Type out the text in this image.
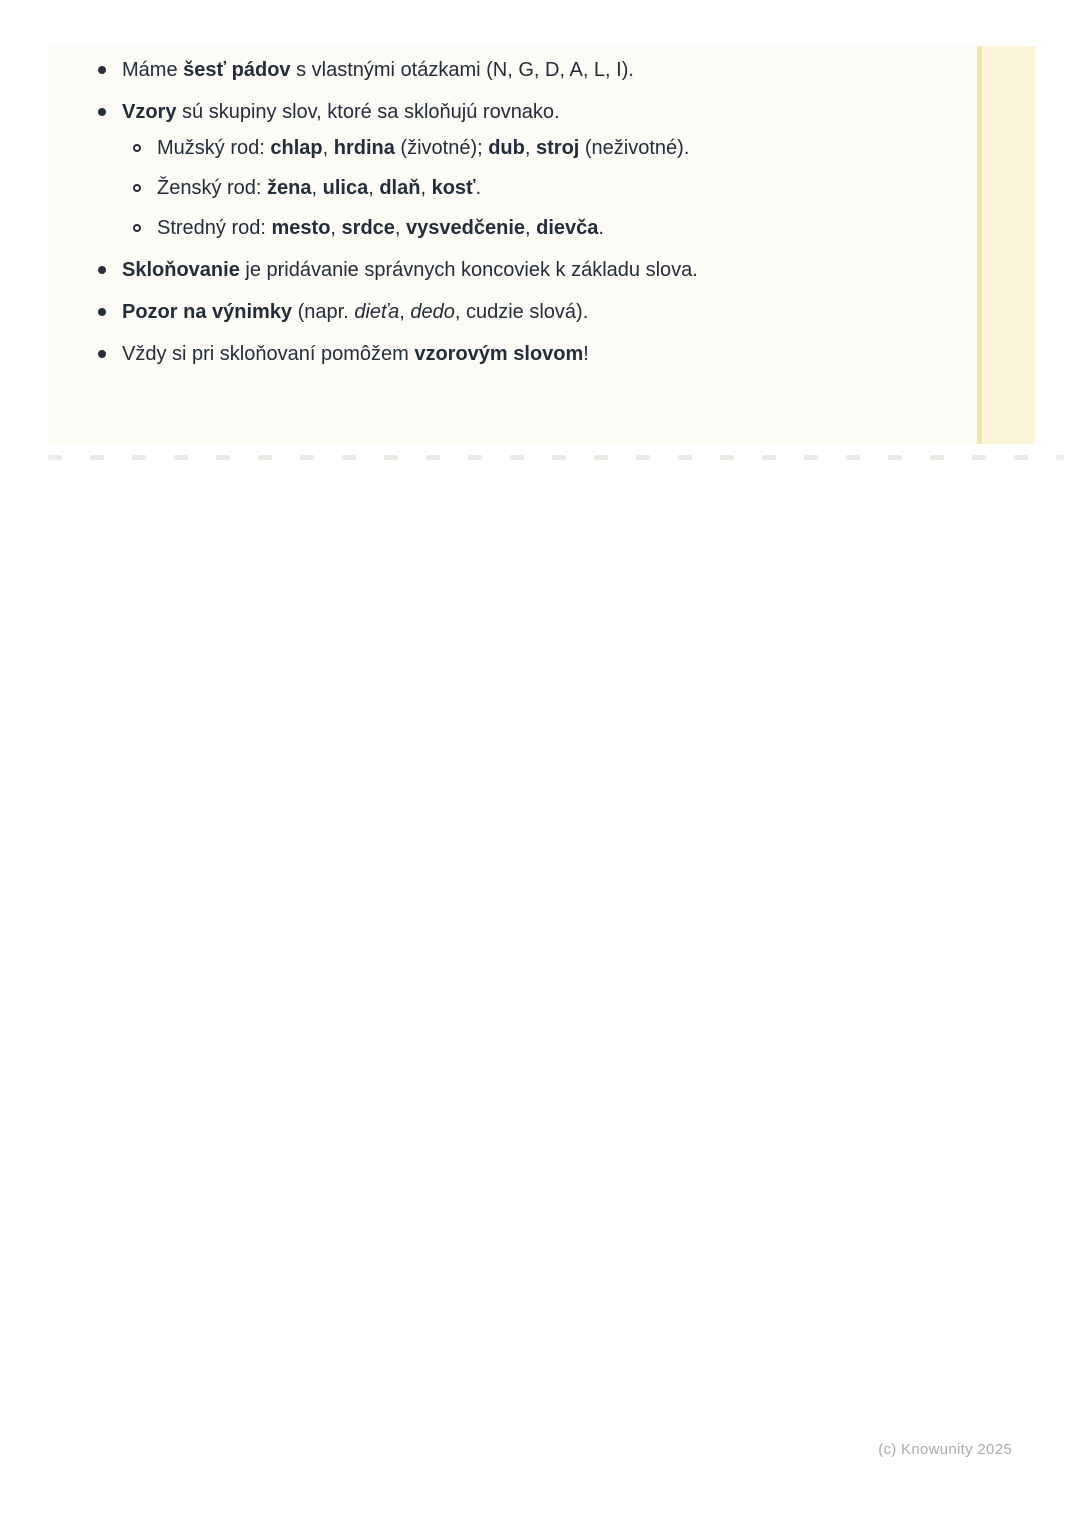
Máme šesť pádov s vlastnými otázkami (N, G, D, A, L, I).
Vzory sú skupiny slov, ktoré sa skloňujú rovnako.
Mužský rod: chlap, hrdina (životné); dub, stroj (neživotné).
Ženský rod: žena, ulica, dlaň, kosť.
Stredný rod: mesto, srdce, vysvedčenie, dievča.
Skloňovanie je pridávanie správnych koncoviek k základu slova.
Pozor na výnimky (napr. dieťa, dedo, cudzie slová).
Vždy si pri skloňovaní pomôžem vzorovým slovom!
(c) Knowunity 2025
